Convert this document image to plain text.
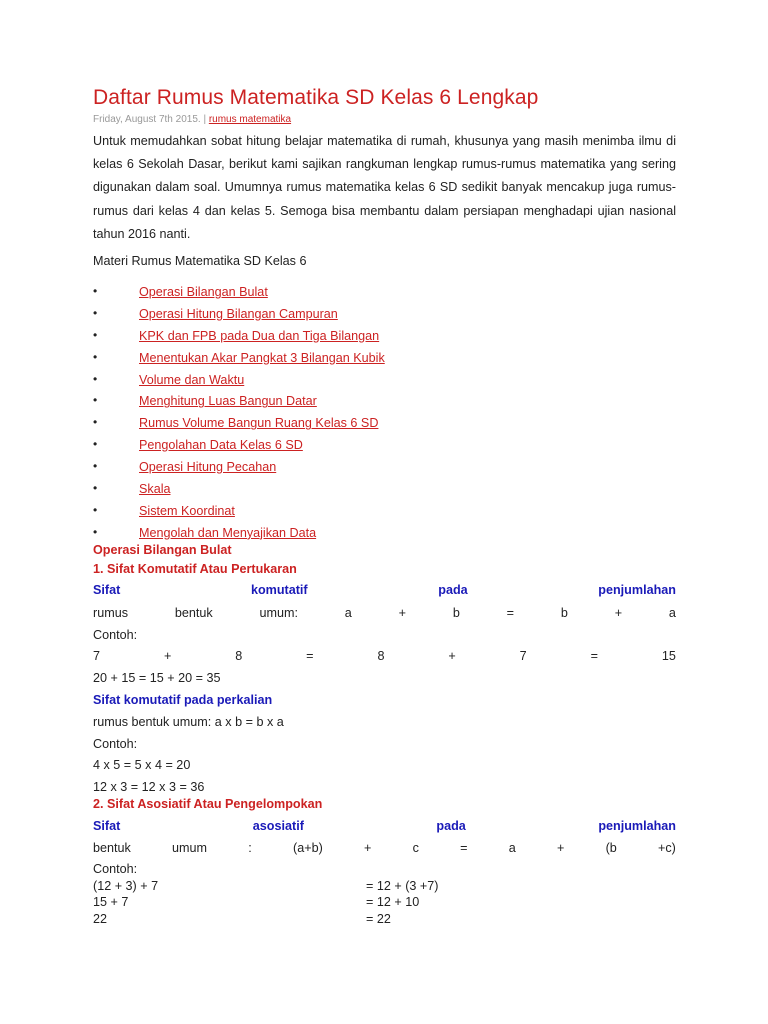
Daftar Rumus Matematika SD Kelas 6 Lengkap
Friday, August 7th 2015. | rumus matematika

Untuk memudahkan sobat hitung belajar matematika di rumah, khusunya yang masih menimba ilmu di kelas 6 Sekolah Dasar, berikut kami sajikan rangkuman lengkap rumus-rumus matematika yang sering digunakan dalam soal. Umumnya rumus matematika kelas 6 SD sedikit banyak mencakup juga rumus-rumus dari kelas 4 dan kelas 5. Semoga bisa membantu dalam persiapan menghadapi ujian nasional tahun 2016 nanti.

Materi Rumus Matematika SD Kelas 6
•	Operasi Bilangan Bulat
•	Operasi Hitung Bilangan Campuran
•	KPK dan FPB pada Dua dan Tiga Bilangan
•	Menentukan Akar Pangkat 3 Bilangan Kubik
•	Volume dan Waktu
•	Menghitung Luas Bangun Datar
•	Rumus Volume Bangun Ruang Kelas 6 SD
•	Pengolahan Data Kelas 6 SD
•	Operasi Hitung Pecahan
•	Skala
•	Sistem Koordinat
•	Mengolah dan Menyajikan Data
Operasi Bilangan Bulat
1. Sifat Komutatif Atau Pertukaran
Sifat	komutatif	pada	penjumlahan
rumus	bentuk	umum:	a	+	b	=	b	+	a
Contoh:
7	+	8	=	8	+	7	=	15
20 + 15 = 15 + 20 = 35
Sifat komutatif pada perkalian
rumus bentuk umum: a x b = b x a
Contoh:
4 x 5 = 5 x 4 = 20
12 x 3 = 12 x 3 = 36
2. Sifat Asosiatif Atau Pengelompokan
Sifat	asosiatif	pada	penjumlahan
bentuk	umum	:	(a+b)	+	c	=	a	+	(b	+c)
Contoh:
(12 + 3) + 7	= 12 + (3 +7)
15 + 7	= 12 + 10
22	= 22
